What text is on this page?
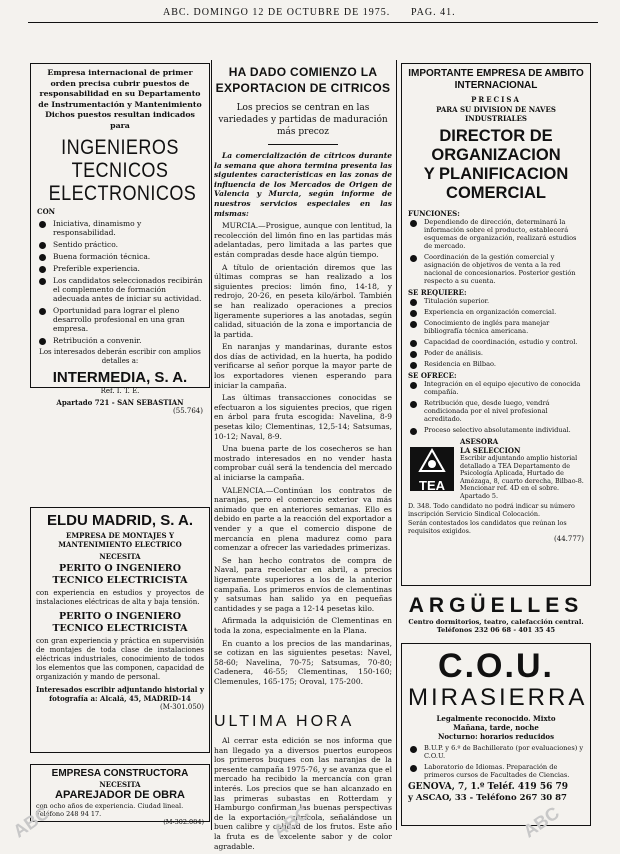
ABC. DOMINGO 12 DE OCTUBRE DE 1975. PAG. 41.
Empresa internacional de primer orden precisa cubrir puestos de responsabilidad en su Departamento de Instrumentación y Mantenimiento Dichos puestos resultan indicados para
INGENIEROS
TECNICOS
ELECTRONICOS
CON
Iniciativa, dinamismo y responsabilidad.
Sentido práctico.
Buena formación técnica.
Preferible experiencia.
Los candidatos seleccionados recibirán el complemento de formación adecuada antes de iniciar su actividad.
Oportunidad para lograr el pleno desarrollo profesional en una gran empresa.
Retribución a convenir.
Los interesados deberán escribir con amplios detalles a:
INTERMEDIA, S. A.
Ref. I. T. E.
Apartado 721 - SAN SEBASTIAN
(55.764)
ELDU MADRID, S. A.
EMPRESA DE MONTAJES Y MANTENIMIENTO ELECTRICO
NECESITA
PERITO O INGENIERO TECNICO ELECTRICISTA
con experiencia en estudios y proyectos de instalaciones eléctricas de alta y baja tensión.
PERITO O INGENIERO TECNICO ELECTRICISTA
con gran experiencia y práctica en supervisión de montajes de toda clase de instalaciones eléctricas industriales, conocimiento de todos los elementos que las componen, capacidad de organización y mando de personal.
Interesados escribir adjuntando historial y fotografía a: Alcalá, 45, MADRID-14
(M-301.050)
EMPRESA CONSTRUCTORA
NECESITA
APAREJADOR DE OBRA
con ocho años de experiencia. Ciudad lineal. Teléfono 248 94 17.
(M-302.084)
HA DADO COMIENZO LA EXPORTACION DE CITRICOS
Los precios se centran en las variedades y partidas de maduración más precoz

La comercialización de cítricos durante la semana que ahora termina presenta las siguientes características en las zonas de influencia de los Mercados de Origen de Valencia y Murcia, según informe de nuestros servicios especiales en las mismas:

MURCIA.—Prosigue, aunque con lentitud, la recolección del limón fino en las partidas más adelantadas, pero limitada a las partes que están compradas desde hace algún tiempo.

A título de orientación diremos que las últimas compras se han realizado a los siguientes precios: limón fino, 14-18, y redrojo, 20-26, en peseta kilo/árbol. También se han realizado operaciones a precios ligeramente superiores a las anotadas, según calidad, situación de la zona e importancia de la partida.

En naranjas y mandarinas, durante estos dos días de actividad, en la huerta, ha podido verificarse al señor porque la mayor parte de los exportadores vienen esperando para iniciar la campaña.

Las últimas transacciones conocidas se efectuaron a los siguientes precios, que rigen en árbol para fruta escogida: Navelina, 8-9 pesetas kilo; Clementinas, 12,5-14; Satsumas, 10-12; Naval, 8-9.

Una buena parte de los cosecheros se han mostrado interesados en no vender hasta comprobar cuál será la tendencia del mercado al iniciarse la campaña.

VALENCIA.—Continúan los contratos de naranjas, pero el comercio exterior va más animado que en anteriores semanas. Ello es debido en parte a la reacción del exportador a vender y a que el comercio dispone de mercancía en plena madurez como para comenzar a ofrecer las variedades primerizas.

Se han hecho contratos de compra de Naval, para recolectar en abril, a precios ligeramente superiores a los de la anterior campaña. Los primeros envíos de clementinas y satsumas han salido ya en pequeñas cantidades y se paga a 12-14 pesetas kilo.

Afirmada la adquisición de Clementinas en toda la zona, especialmente en la Plana.

En cuanto a los precios de las mandarinas, se cotizan en las siguientes pesetas: Navel, 58-60; Navelina, 70-75; Satsumas, 70-80; Cadenera, 46-55; Clementinas, 150-160; Clemenules, 165-175; Oroval, 175-200.

ULTIMA HORA

Al cerrar esta edición se nos informa que han llegado ya a diversos puertos europeos los primeros buques con las naranjas de la presente campaña 1975-76, y se avanza que el mercado ha recibido la mercancía con gran interés. Los precios que se han alcanzado en las primeras subastas en Rotterdam y Hamburgo confirman las buenas perspectivas de la exportación citrícola, señalándose un buen calibre y calidad de los frutos. Este año la fruta es de excelente sabor y de color agradable.

IMPORTANTE EMPRESA DE AMBITO INTERNACIONAL
PRECISA
PARA SU DIVISION DE NAVES INDUSTRIALES
DIRECTOR DE
ORGANIZACION
Y PLANIFICACION
COMERCIAL
FUNCIONES:
Dependiendo de dirección, determinará la información sobre el producto, establecerá esquemas de organización, realizará estudios de mercado.
Coordinación de la gestión comercial y asignación de objetivos de venta a la red nacional de concesionarios. Posterior gestión respecto a su cuenta.
SE REQUIERE:
Titulación superior.
Experiencia en organización comercial.
Conocimiento de inglés para manejar bibliografía técnica americana.
Capacidad de coordinación, estudio y control.
Poder de análisis.
Residencia en Bilbao.
SE OFRECE:
Integración en el equipo ejecutivo de conocida compañía.
Retribución que, desde luego, vendrá condicionada por el nivel profesional acreditado.
Proceso selectivo absolutamente individual.
TEA
ASESORA
LA SELECCION
Escribir adjuntando amplio historial detallado a TEA Departamento de Psicología Aplicada, Hurtado de Amézaga, 8, cuarto derecha, Bilbao-8. Mencionar ref. 4D en el sobre. Apartado 5.
D. 348. Todo candidato no podrá indicar su número inscripción Servicio Sindical Colocación.
Serán contestados los candidatos que reúnan los requisitos exigidos.
(44.777)
ARGÜELLES
Centro dormitorios, teatro, calefacción central. Teléfonos 232 06 68 - 401 35 45
C.O.U.
MIRASIERRA
Legalmente reconocido. Mixto
Mañana, tarde, noche
Nocturno: horarios reducidos
B.U.P. y 6.º de Bachillerato (por evaluaciones) y C.O.U.
Laboratorio de Idiomas. Preparación de primeros cursos de Facultades de Ciencias.
GENOVA, 7, 1.º Teléf. 419 56 79
y ASCAO, 33 - Teléfono 267 30 87
ABC	ABC	ABC
